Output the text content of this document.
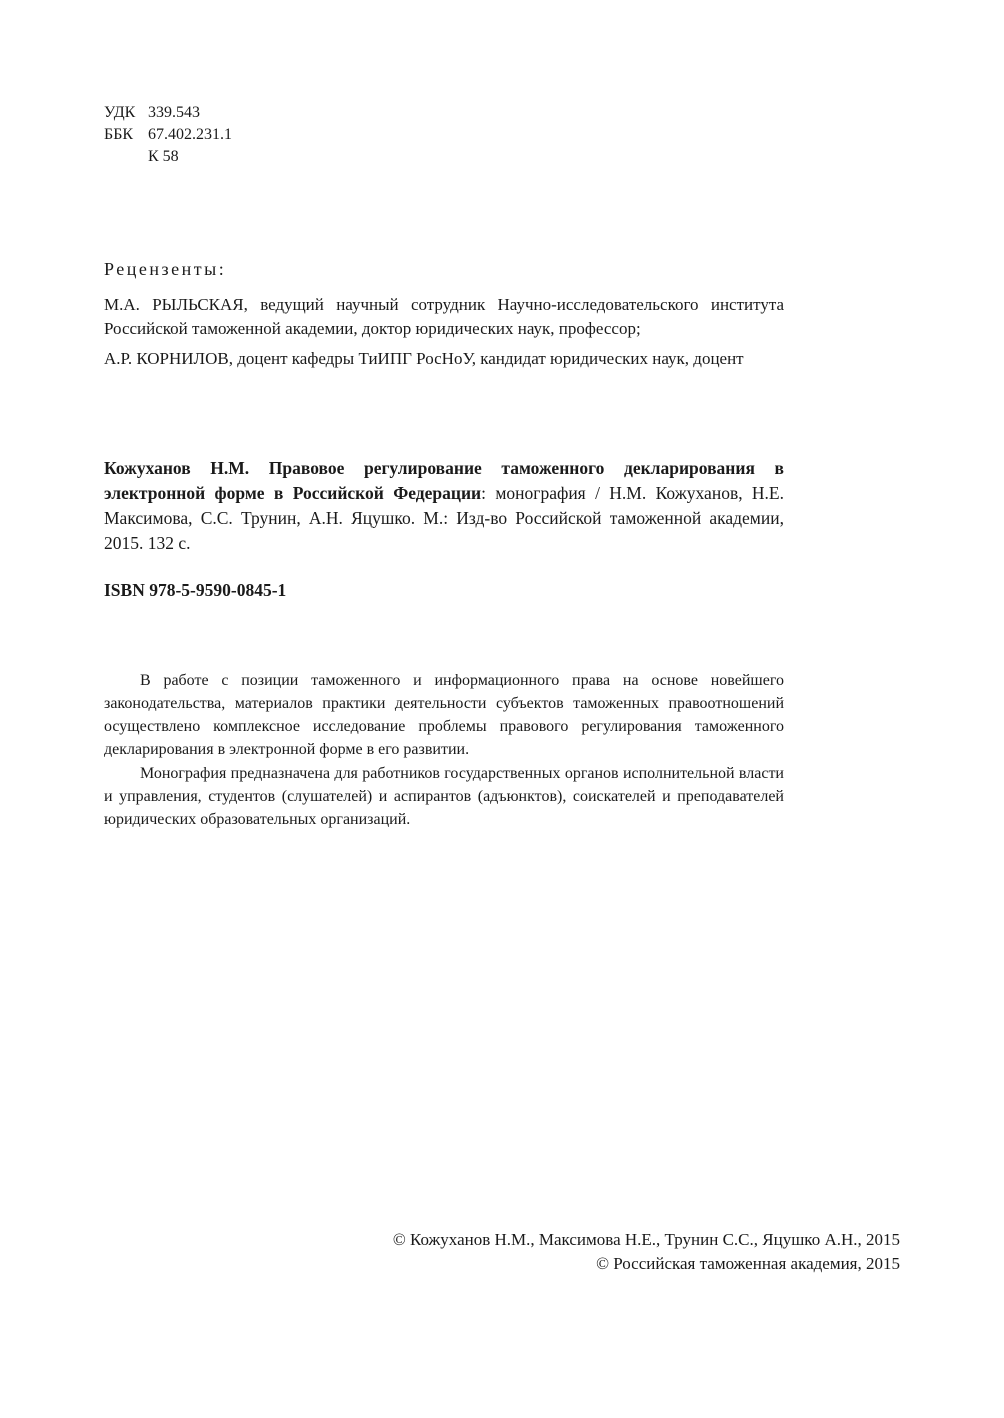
УДК 339.543
ББК 67.402.231.1
К 58
Рецензенты:

М.А. РЫЛЬСКАЯ, ведущий научный сотрудник Научно-исследовательского института Российской таможенной академии, доктор юридических наук, профессор;

А.Р. КОРНИЛОВ, доцент кафедры ТиИПГ РосНоУ, кандидат юридических наук, доцент

Кожуханов Н.М. Правовое регулирование таможенного декларирования в электронной форме в Российской Федерации: монография / Н.М. Кожуханов, Н.Е. Максимова, С.С. Трунин, А.Н. Яцушко. М.: Изд-во Российской таможенной академии, 2015. 132 с.

ISBN 978-5-9590-0845-1

В работе с позиции таможенного и информационного права на основе новейшего законодательства, материалов практики деятельности субъектов таможенных правоотношений осуществлено комплексное исследование проблемы правового регулирования таможенного декларирования в электронной форме в его развитии.

Монография предназначена для работников государственных органов исполнительной власти и управления, студентов (слушателей) и аспирантов (адъюнктов), соискателей и преподавателей юридических образовательных организаций.

© Кожуханов Н.М., Максимова Н.Е., Трунин С.С., Яцушко А.Н., 2015
© Российская таможенная академия, 2015
